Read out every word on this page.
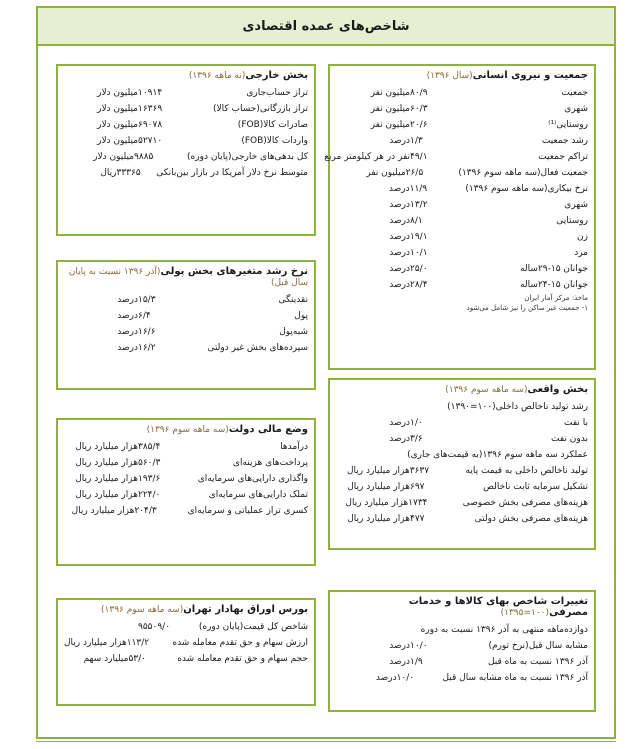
شاخص‌های عمده اقتصادی
جمعیت و نیروی انسانی(سال ۱۳۹۶)
جمعیت
۸۰/۹
میلیون نفر
شهری
۶۰/۳
میلیون نفر
روستایی⁽¹⁾
۲۰/۶
میلیون نفر
رشد جمعیت
۱/۳
درصد
تراکم جمعیت
۴۹/۱
نفر در هر کیلومتر مربع
جمعیت فعال(سه ماهه سوم ۱۳۹۶)
۲۶/۵
میلیون نفر
نرخ بیکاری(سه ماهه سوم ۱۳۹۶)
۱۱/۹
درصد
شهری
۱۳/۲
درصد
روستایی
۸/۱
درصد
زن
۱۹/۱
درصد
مرد
۱۰/۱
درصد
جوانان ۱۵-۲۹ساله
۲۵/۰
درصد
جوانان ۱۵-۲۴ساله
۲۸/۴
درصد
ماخذ: مرکز آمار ایران
۱- جمعیت غیر ساکن را نیز شامل می‌شود
بخش خارجی(نه ماهه ۱۳۹۶)
تراز حساب‌جاری
۱۰۹۱۴
میلیون دلار
تراز بازرگانی(حساب کالا)
۱۶۳۶۹
میلیون دلار
صادرات کالا(FOB)
۶۹۰۷۸
میلیون دلار
واردات کالا(FOB)
۵۲۷۱۰
میلیون دلار
کل بدهی‌های خارجی(پایان دوره)
۹۸۸۵
میلیون دلار
متوسط نرخ دلار آمریکا در بازار بین‌بانکی
۳۳۳۶۵
ریال
نرخ رشد متغیرهای بخش پولی(آذر ۱۳۹۶ نسبت به پایان سال قبل)
نقدینگی
۱۵/۳
درصد
پول
۶/۴
درصد
شبه‌پول
۱۶/۶
درصد
سپرده‌های بخش غیر دولتی
۱۶/۲
درصد
بخش واقعی(سه ماهه سوم ۱۳۹۶)
رشد تولید ناخالص داخلی(۱۰۰=۱۳۹۰)
با نفت
۱/۰
درصد
بدون نفت
۳/۶
درصد
عملکرد سه ماهه سوم ۱۳۹۶(به قیمت‌های جاری)
تولید ناخالص داخلی به قیمت پایه
۳۶۳۷
هزار میلیارد ریال
تشکیل سرمایه ثابت ناخالص
۶۹۷
هزار میلیارد ریال
هزینه‌های مصرفی بخش خصوصی
۱۷۳۴
هزار میلیارد ریال
هزینه‌های مصرفی بخش دولتی
۴۷۷
هزار میلیارد ریال
وضع مالی دولت(سه ماهه سوم ۱۳۹۶)
درآمدها
۳۸۵/۴
هزار میلیارد ریال
پرداخت‌های هزینه‌ای
۵۶۰/۳
هزار میلیارد ریال
واگذاری دارایی‌های سرمایه‌ای
۱۹۳/۶
هزار میلیارد ریال
تملک دارایی‌های سرمایه‌ای
۲۲۴/۰
هزار میلیارد ریال
کسری تراز عملیاتی و سرمایه‌ای
۲۰۴/۳
هزار میلیارد ریال
تغییرات شاخص بهای کالاها و خدمات مصرفی(۱۰۰=۱۳۹۵)
دوازده‌ماهه منتهی به آذر ۱۳۹۶ نسبت به دوره
مشابه سال قبل(نرخ تورم)
۱۰/۰
درصد
آذر ۱۳۹۶ نسبت به ماه قبل
۱/۹
درصد
آذر ۱۳۹۶ نسبت به ماه مشابه سال قبل
۱۰/۰
درصد
بورس اوراق بهادار تهران(سه ماهه سوم ۱۳۹۶)
شاخص کل قیمت(پایان دوره)
۹۵۵۰۹/۰
ارزش سهام و حق تقدم معامله شده
۱۱۳/۲
هزار میلیارد ریال
حجم سهام و حق تقدم معامله شده
۵۳/۰
میلیارد سهم
